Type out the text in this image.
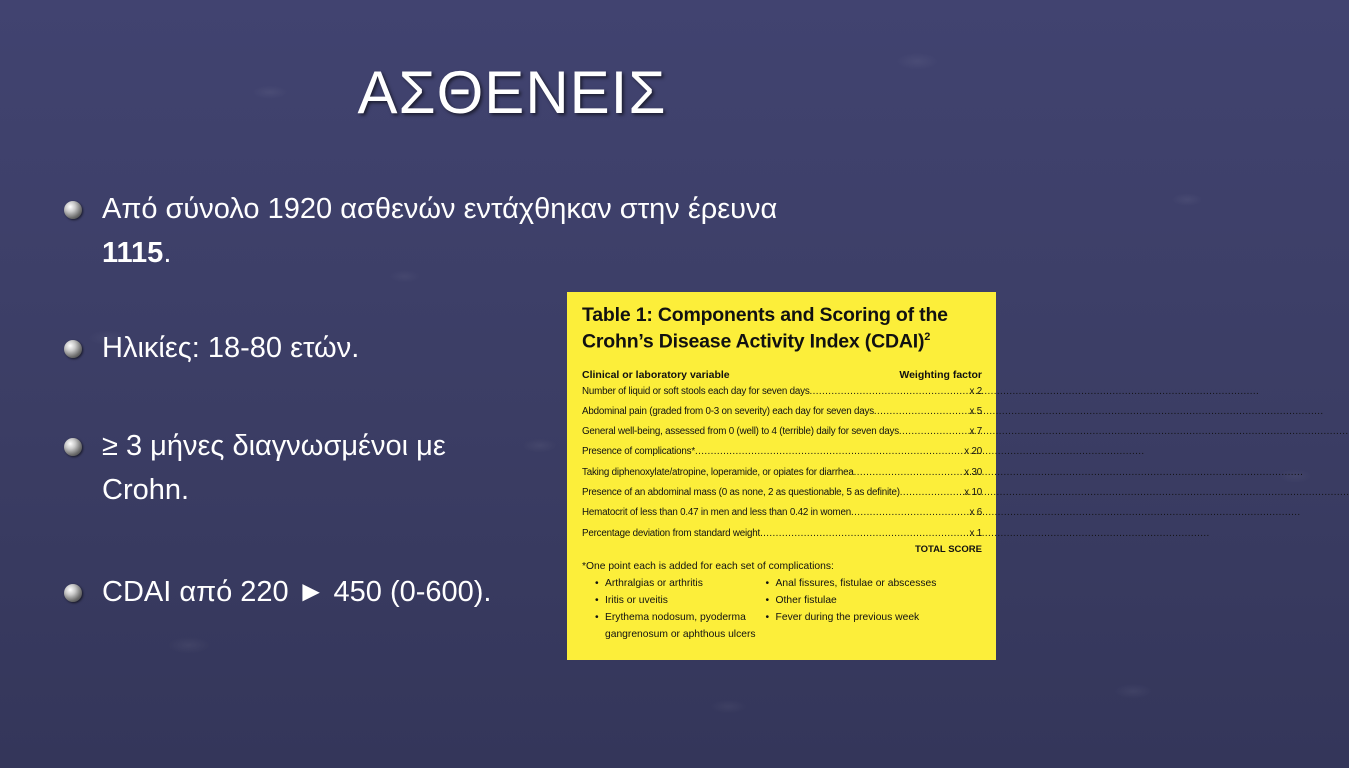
ΑΣΘΕΝΕΙΣ
Από σύνολο 1920 ασθενών εντάχθηκαν στην έρευνα
1115.
Ηλικίες: 18-80 ετών.
≥ 3 μήνες διαγνωσμένοι με
Crohn.
CDAI από 220 ► 450 (0-600).
Table 1: Components and Scoring of the
Crohn’s Disease Activity Index (CDAI)$^2$
Clinical or laboratory variable	Weighting factor
Number of liquid or soft stools each day for seven days .....	x 2
Abdominal pain (graded from 0-3 on severity) each day for seven days .....	x 5
General well-being, assessed from 0 (well) to 4 (terrible) daily for seven days .....	x 7
Presence of complications* .....	x 20
Taking diphenoxylate/atropine, loperamide, or opiates for diarrhea .....	x 30
Presence of an abdominal mass (0 as none, 2 as questionable, 5 as definite) .....	x 10
Hematocrit of less than 0.47 in men and less than 0.42 in women .....	x 6
Percentage deviation from standard weight .....	x 1
TOTAL SCORE
*One point each is added for each set of complications:
• Arthralgias or arthritis
• Iritis or uveitis
• Erythema nodosum, pyoderma
gangrenosum or aphthous ulcers
• Anal fissures, fistulae or abscesses
• Other fistulae
• Fever during the previous week
